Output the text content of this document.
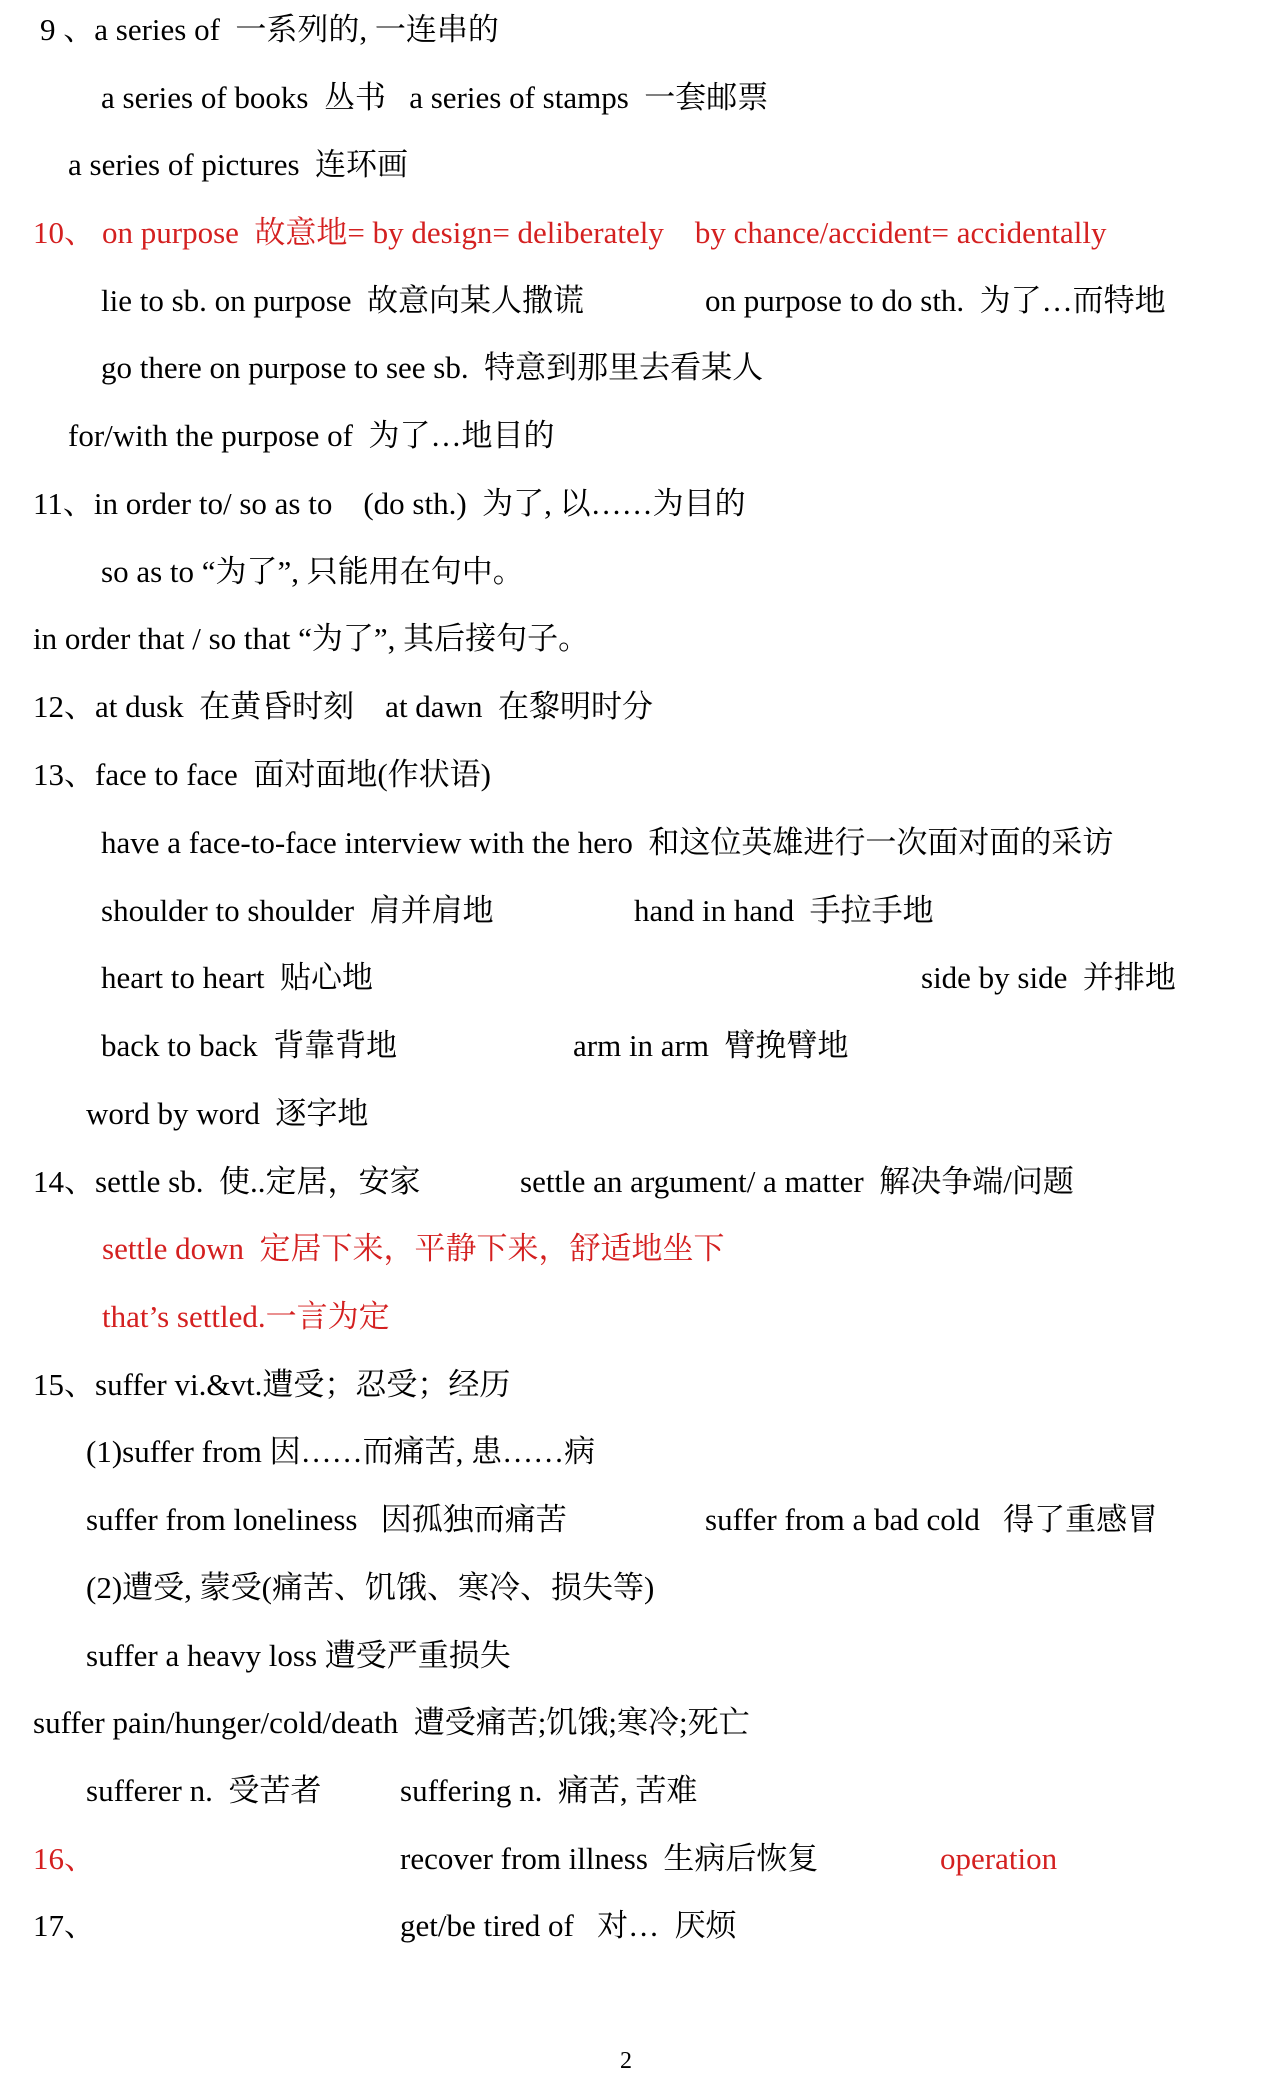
9 、a series of  一系列的, 一连串的
a series of books  丛书   a series of stamps  一套邮票
a series of pictures  连环画
10、 on purpose  故意地= by design= deliberately    by chance/accident= accidentally
lie to sb. on purpose  故意向某人撒谎	on purpose to do sth.  为了…而特地
go there on purpose to see sb.  特意到那里去看某人
for/with the purpose of  为了…地目的
11、in order to/ so as to    (do sth.)  为了, 以……为目的
so as to “为了”, 只能用在句中。
in order that / so that “为了”, 其后接句子。
12、at dusk  在黄昏时刻    at dawn  在黎明时分
13、face to face  面对面地(作状语)
have a face-to-face interview with the hero  和这位英雄进行一次面对面的采访
shoulder to shoulder  肩并肩地	hand in hand  手拉手地
heart to heart  贴心地	side by side  并排地
back to back  背靠背地	arm in arm  臂挽臂地
word by word  逐字地
14、settle sb.  使..定居，安家	settle an argument/ a matter  解决争端/问题
settle down  定居下来，平静下来，舒适地坐下
that’s settled.一言为定
15、suffer vi.&vt.遭受；忍受；经历
(1)suffer from 因……而痛苦, 患……病
suffer from loneliness   因孤独而痛苦	suffer from a bad cold   得了重感冒
(2)遭受, 蒙受(痛苦、饥饿、寒冷、损失等)
suffer a heavy loss 遭受严重损失
suffer pain/hunger/cold/death  遭受痛苦;饥饿;寒冷;死亡
sufferer n.  受苦者	suffering n.  痛苦, 苦难
16、	recover from illness  生病后恢复	operation
17、	get/be tired of   对…  厌烦
2
